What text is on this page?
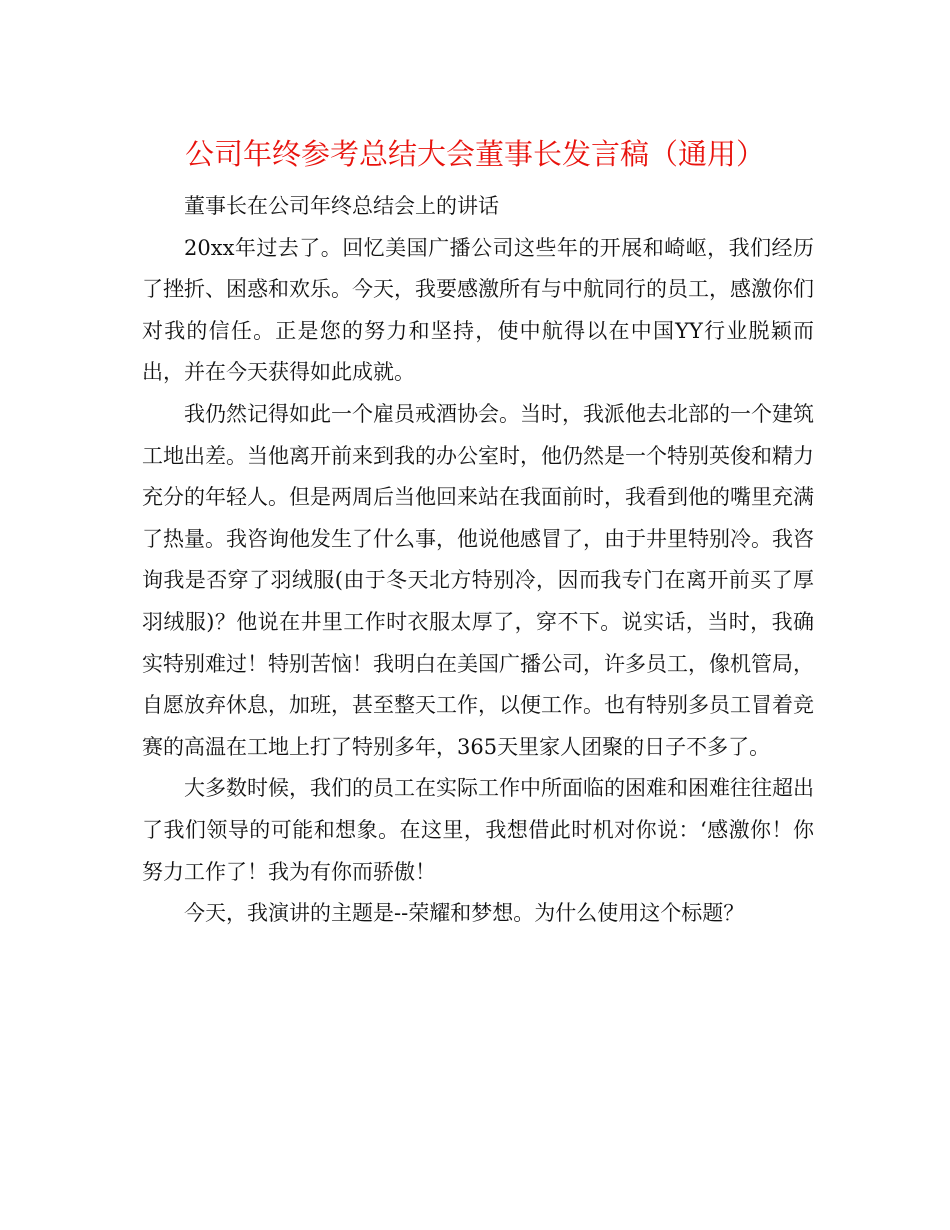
公司年终参考总结大会董事长发言稿（通用）

董事长在公司年终总结会上的讲话

20xx年过去了。回忆美国广播公司这些年的开展和崎岖，我们经历了挫折、困惑和欢乐。今天，我要感激所有与中航同行的员工，感激你们对我的信任。正是您的努力和坚持，使中航得以在中国YY行业脱颖而出，并在今天获得如此成就。

我仍然记得如此一个雇员戒酒协会。当时，我派他去北部的一个建筑工地出差。当他离开前来到我的办公室时，他仍然是一个特别英俊和精力充分的年轻人。但是两周后当他回来站在我面前时，我看到他的嘴里充满了热量。我咨询他发生了什么事，他说他感冒了，由于井里特别冷。我咨询我是否穿了羽绒服(由于冬天北方特别冷，因而我专门在离开前买了厚羽绒服)？他说在井里工作时衣服太厚了，穿不下。说实话，当时，我确实特别难过！特别苦恼！我明白在美国广播公司，许多员工，像机管局，自愿放弃休息，加班，甚至整天工作，以便工作。也有特别多员工冒着竞赛的高温在工地上打了特别多年，365天里家人团聚的日子不多了。

大多数时候，我们的员工在实际工作中所面临的困难和困难往往超出了我们领导的可能和想象。在这里，我想借此时机对你说：‘感激你！你努力工作了！我为有你而骄傲！

今天，我演讲的主题是--荣耀和梦想。为什么使用这个标题？
